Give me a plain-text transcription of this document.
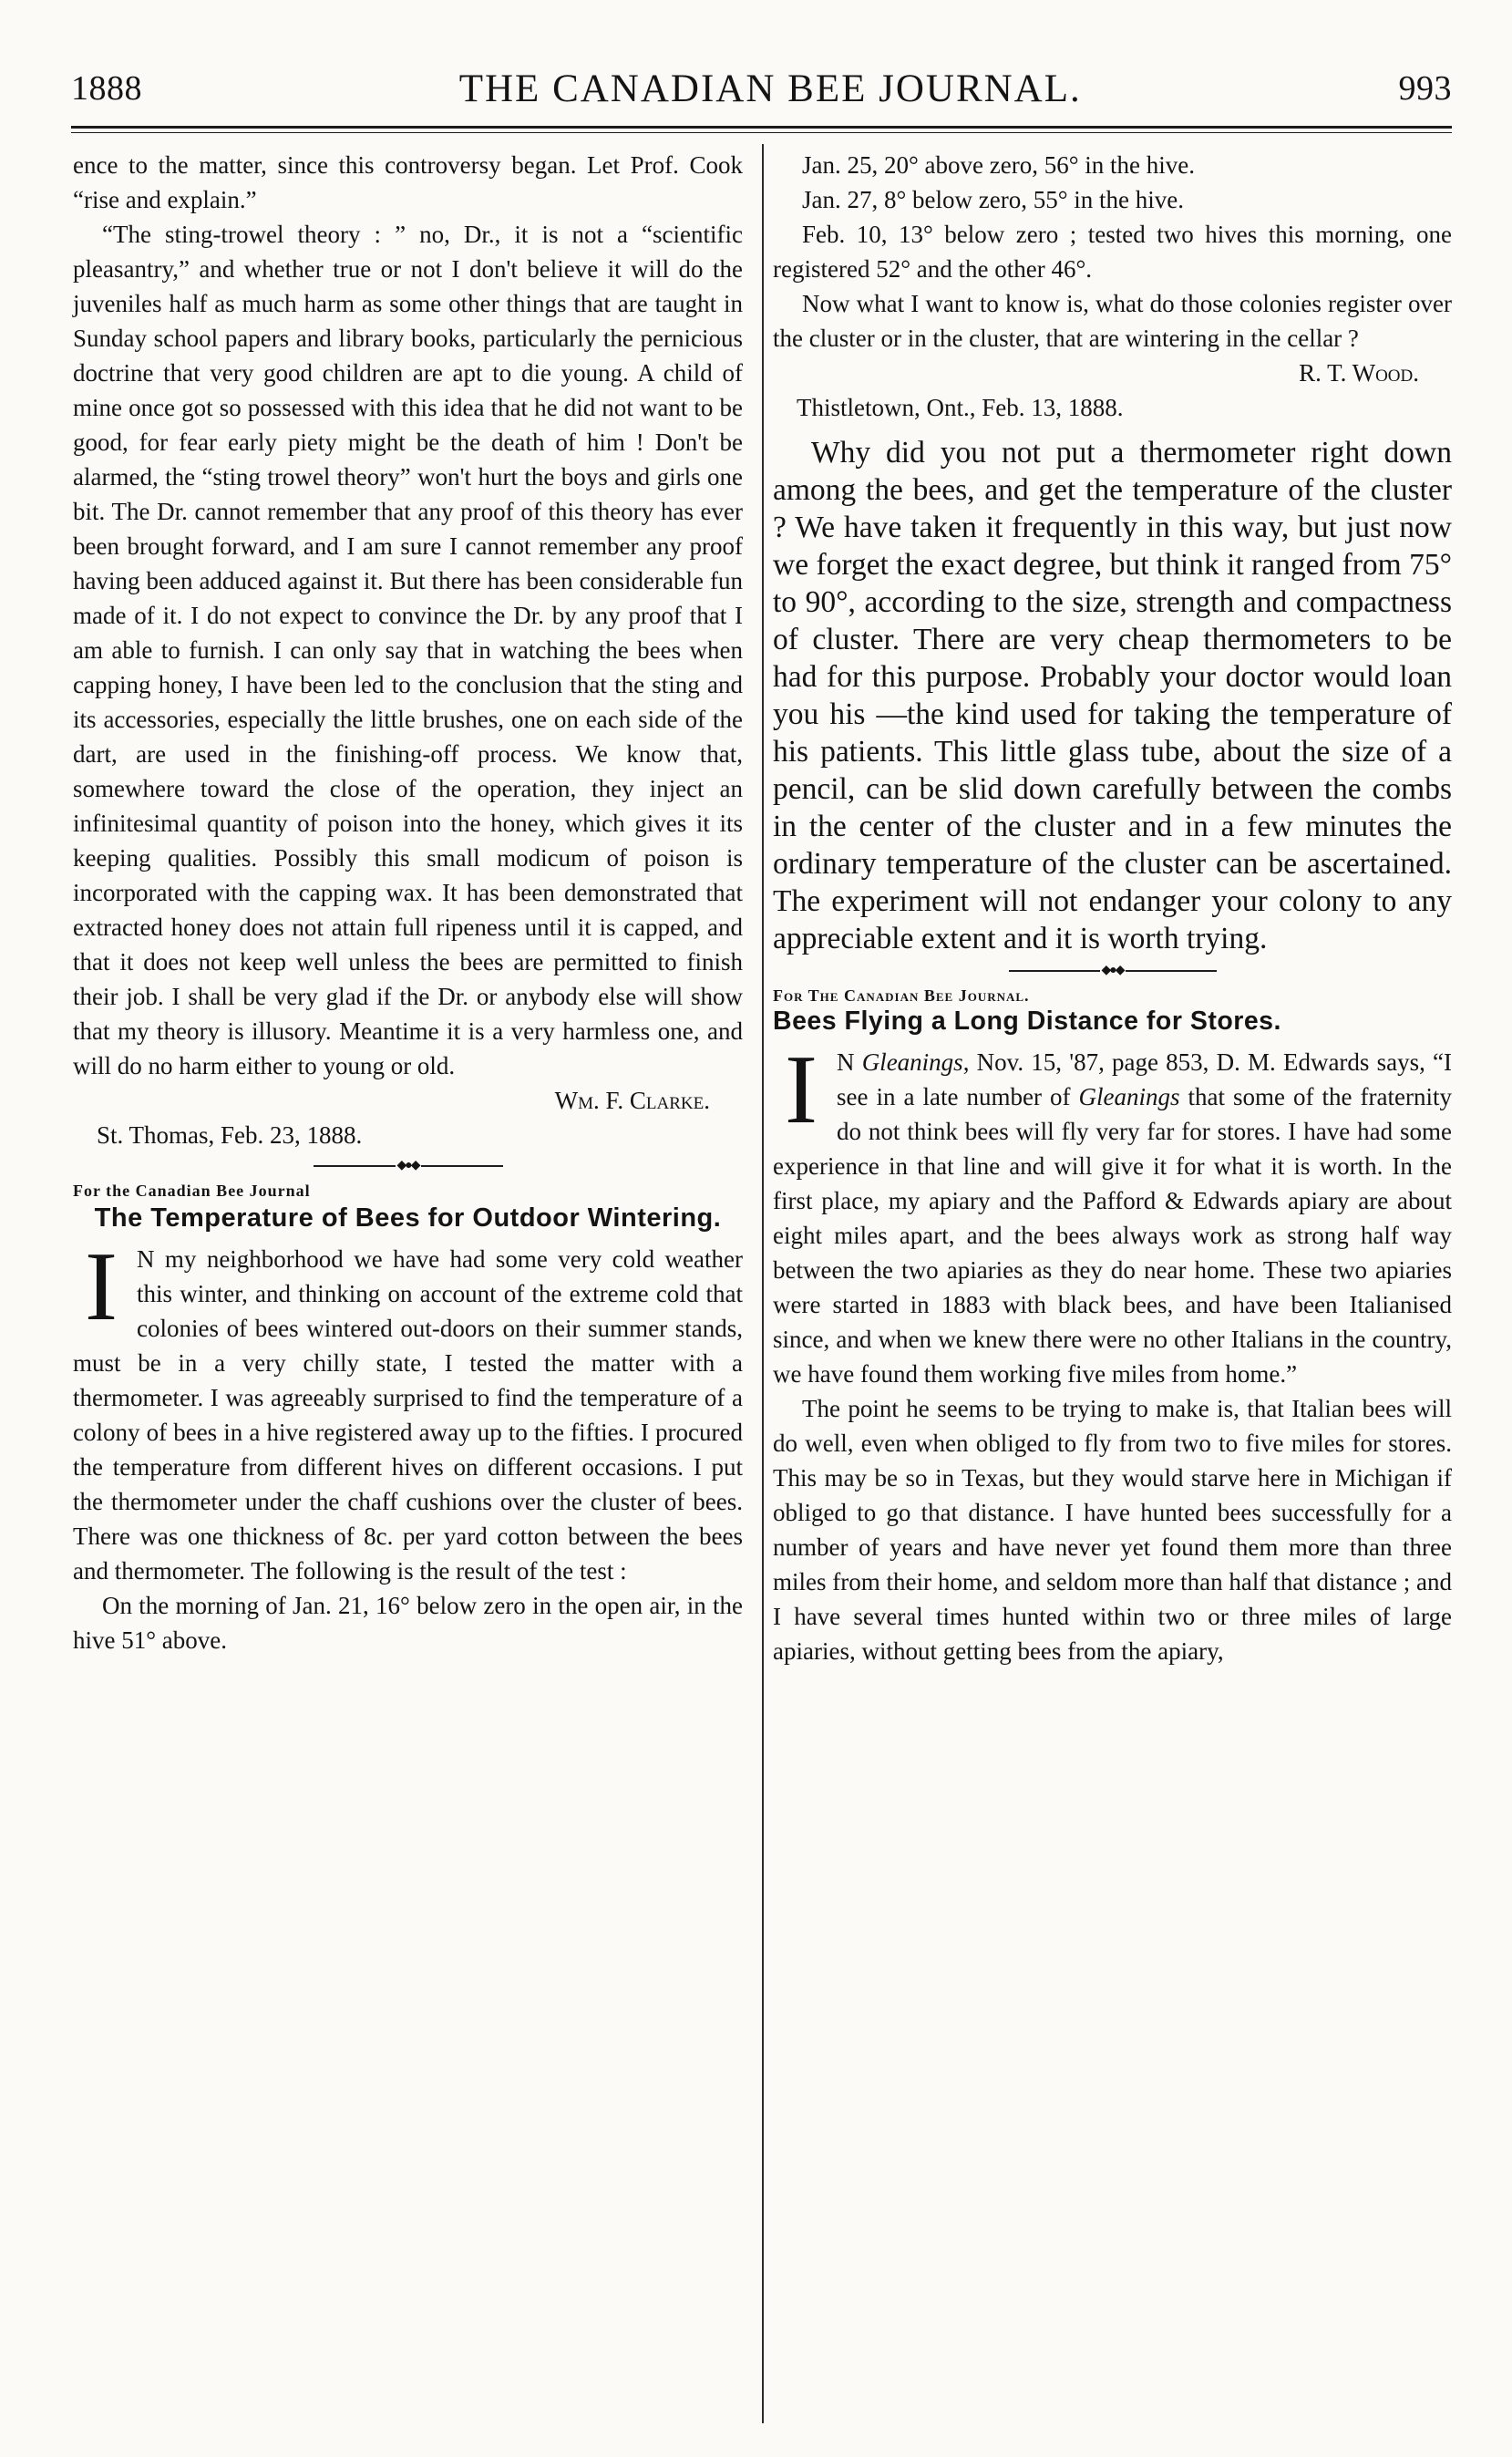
1888	THE CANADIAN BEE JOURNAL.	993

ence to the matter, since this controversy began. Let Prof. Cook “rise and explain.”

“The sting-trowel theory : ” no, Dr., it is not a “scientific pleasantry,” and whether true or not I don't believe it will do the juveniles half as much harm as some other things that are taught in Sunday school papers and library books, particularly the pernicious doctrine that very good children are apt to die young. A child of mine once got so possessed with this idea that he did not want to be good, for fear early piety might be the death of him ! Don't be alarmed, the “sting trowel theory” won't hurt the boys and girls one bit. The Dr. cannot remember that any proof of this theory has ever been brought forward, and I am sure I cannot remember any proof having been adduced against it. But there has been considerable fun made of it. I do not expect to convince the Dr. by any proof that I am able to furnish. I can only say that in watching the bees when capping honey, I have been led to the conclusion that the sting and its accessories, especially the little brushes, one on each side of the dart, are used in the finishing-off process. We know that, somewhere toward the close of the operation, they inject an infinitesimal quantity of poison into the honey, which gives it its keeping qualities. Possibly this small modicum of poison is incorporated with the capping wax. It has been demonstrated that extracted honey does not attain full ripeness until it is capped, and that it does not keep well unless the bees are permitted to finish their job. I shall be very glad if the Dr. or anybody else will show that my theory is illusory. Meantime it is a very harmless one, and will do no harm either to young or old.

Wm. F. Clarke.
St. Thomas, Feb. 23, 1888.
◆●◆
For the Canadian Bee Journal
The Temperature of Bees for Outdoor Wintering.

I N my neighborhood we have had some very cold weather this winter, and thinking on account of the extreme cold that colonies of bees wintered out-doors on their summer stands, must be in a very chilly state, I tested the matter with a thermometer. I was agreeably surprised to find the temperature of a colony of bees in a hive registered away up to the fifties. I procured the temperature from different hives on different occasions. I put the thermometer under the chaff cushions over the cluster of bees. There was one thickness of 8c. per yard cotton between the bees and thermometer. The following is the result of the test :

On the morning of Jan. 21, 16° below zero in the open air, in the hive 51° above.

Jan. 25, 20° above zero, 56° in the hive.

Jan. 27, 8° below zero, 55° in the hive.

Feb. 10, 13° below zero ; tested two hives this morning, one registered 52° and the other 46°.

Now what I want to know is, what do those colonies register over the cluster or in the cluster, that are wintering in the cellar ?

R. T. Wood.
Thistletown, Ont., Feb. 13, 1888.

Why did you not put a thermometer right down among the bees, and get the temperature of the cluster ? We have taken it frequently in this way, but just now we forget the exact degree, but think it ranged from 75° to 90°, according to the size, strength and compactness of cluster. There are very cheap thermometers to be had for this purpose. Probably your doctor would loan you his —the kind used for taking the temperature of his patients. This little glass tube, about the size of a pencil, can be slid down carefully between the combs in the center of the cluster and in a few minutes the ordinary temperature of the cluster can be ascertained. The experiment will not endanger your colony to any appreciable extent and it is worth trying.

◆●◆
For The Canadian Bee Journal.
Bees Flying a Long Distance for Stores.

I N Gleanings, Nov. 15, '87, page 853, D. M. Edwards says, “I see in a late number of Gleanings that some of the fraternity do not think bees will fly very far for stores. I have had some experience in that line and will give it for what it is worth. In the first place, my apiary and the Pafford & Edwards apiary are about eight miles apart, and the bees always work as strong half way between the two apiaries as they do near home. These two apiaries were started in 1883 with black bees, and have been Italianised since, and when we knew there were no other Italians in the country, we have found them working five miles from home.”

The point he seems to be trying to make is, that Italian bees will do well, even when obliged to fly from two to five miles for stores. This may be so in Texas, but they would starve here in Michigan if obliged to go that distance. I have hunted bees successfully for a number of years and have never yet found them more than three miles from their home, and seldom more than half that distance ; and I have several times hunted within two or three miles of large apiaries, without getting bees from the apiary,
